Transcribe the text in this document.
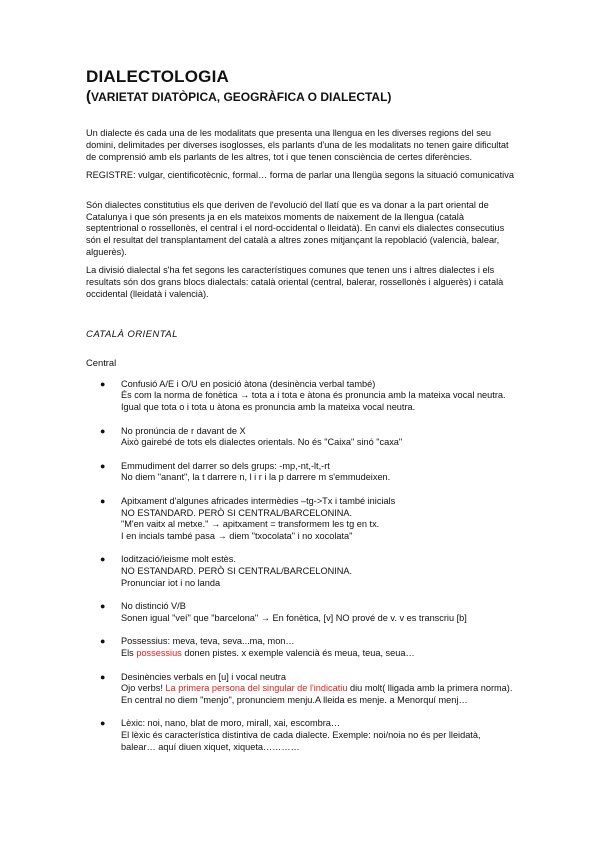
DIALECTOLOGIA
(VARIETAT DIATÒPICA, GEOGRÀFICA O DIALECTAL)

Un dialecte és cada una de les modalitats que presenta una llengua en les diverses regions del seu domini, delimitades per diverses isoglosses, els parlants d'una de les modalitats no tenen gaire dificultat de comprensió amb els parlants de les altres, tot i que tenen consciència de certes diferències.

REGISTRE: vulgar, cientificotècnic, formal… forma de parlar una llengüa segons la situació comunicativa

Són dialectes constitutius els que deriven de l'evolució del llatí que es va donar a la part oriental de Catalunya i que són presents ja en els mateixos moments de naixement de la llengua (català septentrional o rossellonès, el central i el nord-occidental o lleidatà). En canvi els dialectes consecutius són el resultat del transplantament del català a altres zones mitjançant la repoblació (valencià, balear, alguerès).

La divisió dialectal s'ha fet segons les característiques comunes que tenen uns i altres dialectes i els resultats són dos grans blocs dialectals: català oriental (central, balerar, rossellonès i alguerès) i català occidental (lleidatà i valencià).

CATALÀ ORIENTAL
Central
● Confusió A/E i O/U en posició àtona (desinència verbal també)
És com la norma de fonètica → tota a i tota e àtona és pronuncia amb la mateixa vocal neutra. Igual que tota o i tota u àtona es pronuncia amb la mateixa vocal neutra.
● No pronúncia de r davant de X
Això gairebé de tots els dialectes orientals. No és "Caixa" sinó "caxa"
● Emmudiment del darrer so dels grups: -mp,-nt,-lt,-rt
No diem "anant", la t darrere n, l i r i la p darrere m s'emmudeixen.
● Apitxament d'algunes africades intermèdies –tg->Tx i també inicials
NO ESTANDARD. PERÒ SI CENTRAL/BARCELONINA.
"M'en vaitx al metxe." → apitxament = transformem les tg en tx.
I en incials també pasa → diem "txocolata" i no xocolata"
● Iodització/ieisme molt estès.
NO ESTANDARD. PERÒ SI CENTRAL/BARCELONINA.
Pronunciar iot i no landa
● No distinció V/B
Sonen igual "veí" que "barcelona" → En fonètica, [v] NO prové de v. v es transcriu [b]
● Possessius: meva, teva, seva...ma, mon…
Els possessius donen pistes. x exemple valencià és meua, teua, seua…
● Desinències verbals en [u] i vocal neutra
Ojo verbs! La primera persona del singular de l'indicatiu diu molt( lligada amb la primera norma). En central no diem "menjo", pronunciem menju.A lleida es menje. a Menorquí menj…
● Lèxic: noi, nano, blat de moro, mirall, xai, escombra…
El lèxic és característica distintiva de cada dialecte. Exemple: noi/noia no és per lleidatà, balear… aquí diuen xiquet, xiqueta…………
